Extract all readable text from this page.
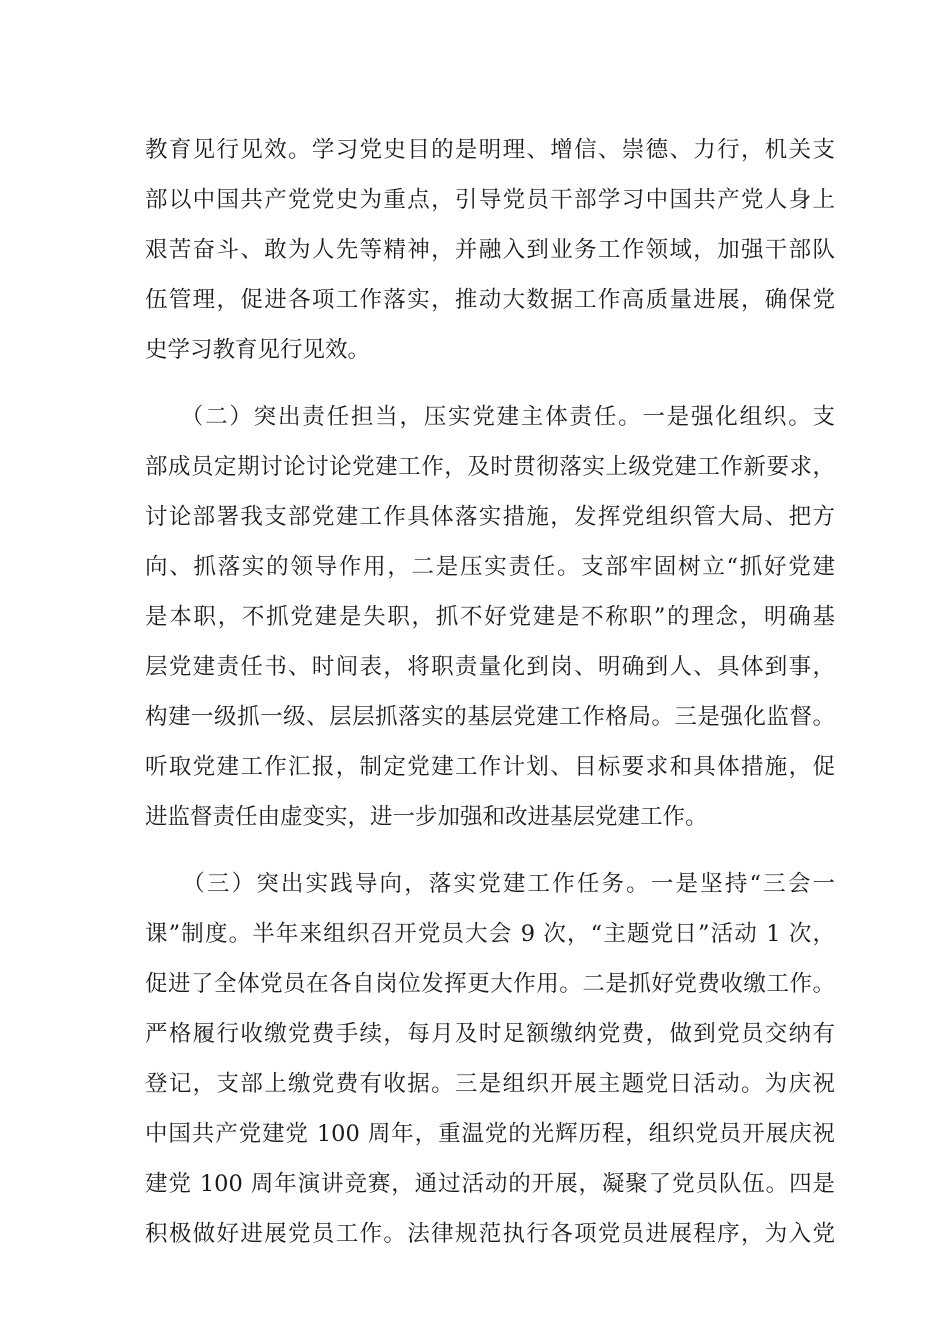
教育见行见效。学习党史目的是明理、增信、崇德、力行，机关支
部以中国共产党党史为重点，引导党员干部学习中国共产党人身上
艰苦奋斗、敢为人先等精神，并融入到业务工作领域，加强干部队
伍管理，促进各项工作落实，推动大数据工作高质量进展，确保党
史学习教育见行见效。
（二）突出责任担当，压实党建主体责任。一是强化组织。支
部成员定期讨论讨论党建工作，及时贯彻落实上级党建工作新要求，
讨论部署我支部党建工作具体落实措施，发挥党组织管大局、把方
向、抓落实的领导作用，二是压实责任。支部牢固树立“抓好党建
是本职，不抓党建是失职，抓不好党建是不称职”的理念，明确基
层党建责任书、时间表，将职责量化到岗、明确到人、具体到事，
构建一级抓一级、层层抓落实的基层党建工作格局。三是强化监督。
听取党建工作汇报，制定党建工作计划、目标要求和具体措施，促
进监督责任由虚变实，进一步加强和改进基层党建工作。
（三）突出实践导向，落实党建工作任务。一是坚持“三会一
课”制度。半年来组织召开党员大会 9 次，“主题党日”活动 1 次，
促进了全体党员在各自岗位发挥更大作用。二是抓好党费收缴工作。
严格履行收缴党费手续，每月及时足额缴纳党费，做到党员交纳有
登记，支部上缴党费有收据。三是组织开展主题党日活动。为庆祝
中国共产党建党 100 周年，重温党的光辉历程，组织党员开展庆祝
建党 100 周年演讲竞赛，通过活动的开展，凝聚了党员队伍。四是
积极做好进展党员工作。法律规范执行各项党员进展程序，为入党
